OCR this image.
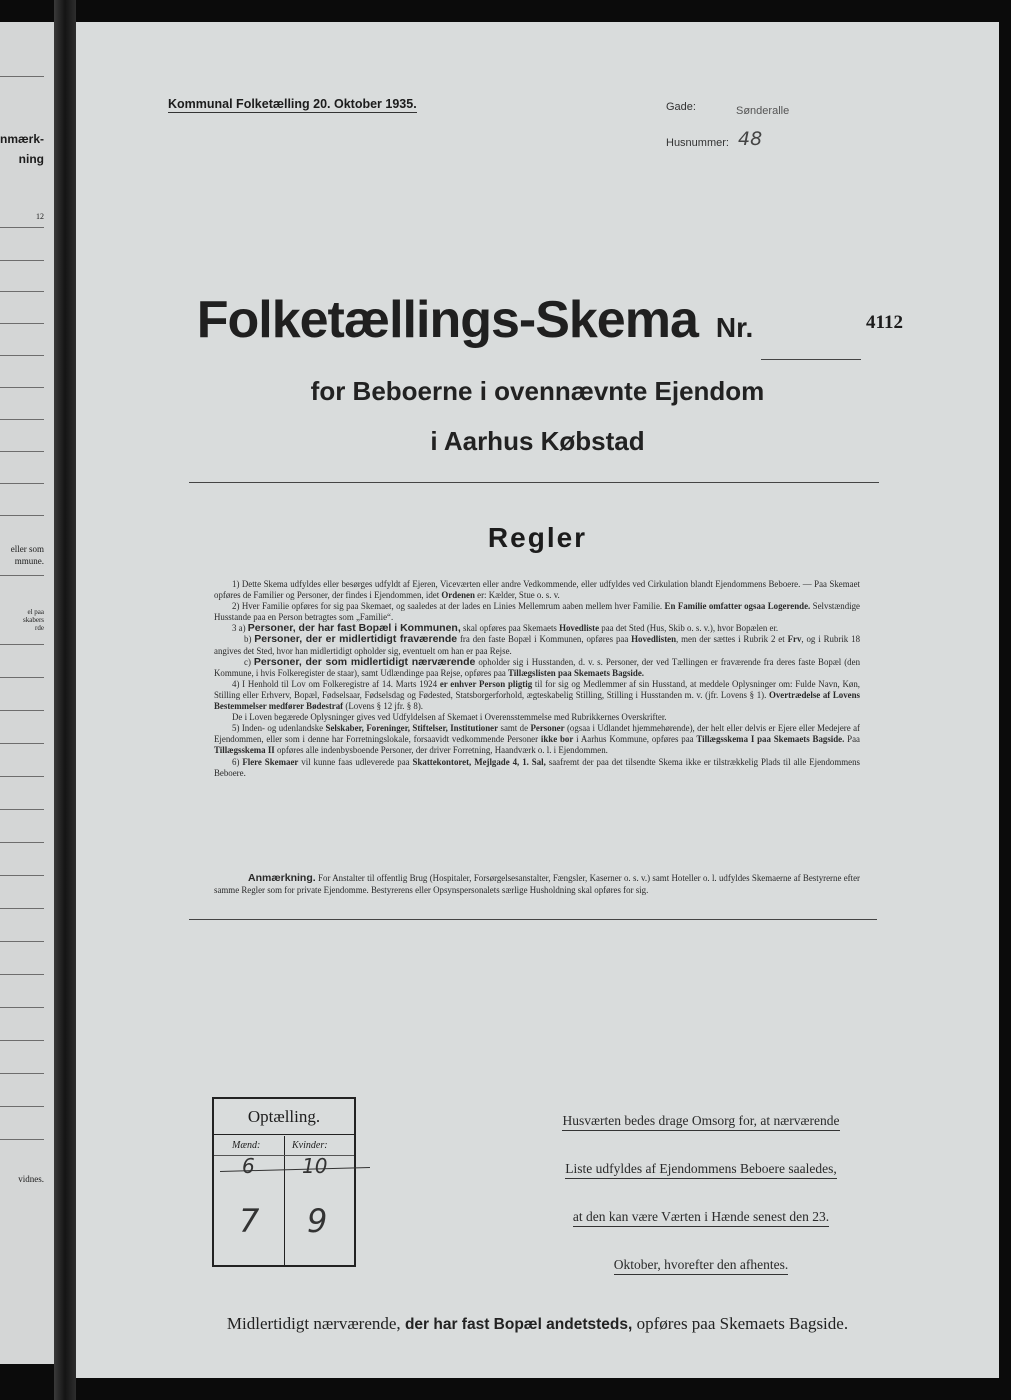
nmærk-
ning
12
eller som
mmune.
el paa
skabers
rde
vidnes.
Kommunal Folketælling 20. Oktober 1935.	Gade:	Sønderalle
Husnummer: 48
Folketællings-Skema Nr.	4112
for Beboerne i ovennævnte Ejendom
i Aarhus Købstad
Regler

1) Dette Skema udfyldes eller besørges udfyldt af Ejeren, Viceværten eller andre Vedkommende, eller udfyldes ved Cirkulation blandt Ejendommens Beboere. — Paa Skemaet opføres de Familier og Personer, der findes i Ejendommen, idet Ordenen er: Kælder, Stue o. s. v.

2) Hver Familie opføres for sig paa Skemaet, og saaledes at der lades en Linies Mellemrum aaben mellem hver Familie. En Familie omfatter ogsaa Logerende. Selvstændige Husstande paa en Person betragtes som „Familie“.

3 a) Personer, der har fast Bopæl i Kommunen, skal opføres paa Skemaets Hovedliste paa det Sted (Hus, Skib o. s. v.), hvor Bopælen er.

b) Personer, der er midlertidigt fraværende fra den faste Bopæl i Kommunen, opføres paa Hovedlisten, men der sættes i Rubrik 2 et Frv, og i Rubrik 18 angives det Sted, hvor han midlertidigt opholder sig, eventuelt om han er paa Rejse.

c) Personer, der som midlertidigt nærværende opholder sig i Husstanden, d. v. s. Personer, der ved Tællingen er fraværende fra deres faste Bopæl (den Kommune, i hvis Folkeregister de staar), samt Udlændinge paa Rejse, opføres paa Tillægslisten paa Skemaets Bagside.

4) I Henhold til Lov om Folkeregistre af 14. Marts 1924 er enhver Person pligtig til for sig og Medlemmer af sin Husstand, at meddele Oplysninger om: Fulde Navn, Køn, Stilling eller Erhverv, Bopæl, Fødselsaar, Fødselsdag og Fødested, Statsborgerforhold, ægteskabelig Stilling, Stilling i Husstanden m. v. (jfr. Lovens § 1). Overtrædelse af Lovens Bestemmelser medfører Bødestraf (Lovens § 12 jfr. § 8).

De i Loven begærede Oplysninger gives ved Udfyldelsen af Skemaet i Overensstemmelse med Rubrikkernes Overskrifter.

5) Inden- og udenlandske Selskaber, Foreninger, Stiftelser, Institutioner samt de Personer (ogsaa i Udlandet hjemmehørende), der helt eller delvis er Ejere eller Medejere af Ejendommen, eller som i denne har Forretningslokale, forsaavidt vedkommende Personer ikke bor i Aarhus Kommune, opføres paa Tillægsskema I paa Skemaets Bagside. Paa Tillægsskema II opføres alle indenbysboende Personer, der driver Forretning, Haandværk o. l. i Ejendommen.

6) Flere Skemaer vil kunne faas udleverede paa Skattekontoret, Mejlgade 4, 1. Sal, saafremt der paa det tilsendte Skema ikke er tilstrækkelig Plads til alle Ejendommens Beboere.

Anmærkning. For Anstalter til offentlig Brug (Hospitaler, Forsørgelsesanstalter, Fængsler, Kaserner o. s. v.) samt Hoteller o. l. udfyldes Skemaerne af Bestyrerne efter samme Regler som for private Ejendomme. Bestyrerens eller Opsynspersonalets særlige Husholdning skal opføres for sig.

Optælling.
Mænd:	Kvinder:
6 10
7 9
Husværten bedes drage Omsorg for, at nærværende
Liste udfyldes af Ejendommens Beboere saaledes,
at den kan være Værten i Hænde senest den 23.
Oktober, hvorefter den afhentes.
Midlertidigt nærværende, der har fast Bopæl andetsteds, opføres paa Skemaets Bagside.
